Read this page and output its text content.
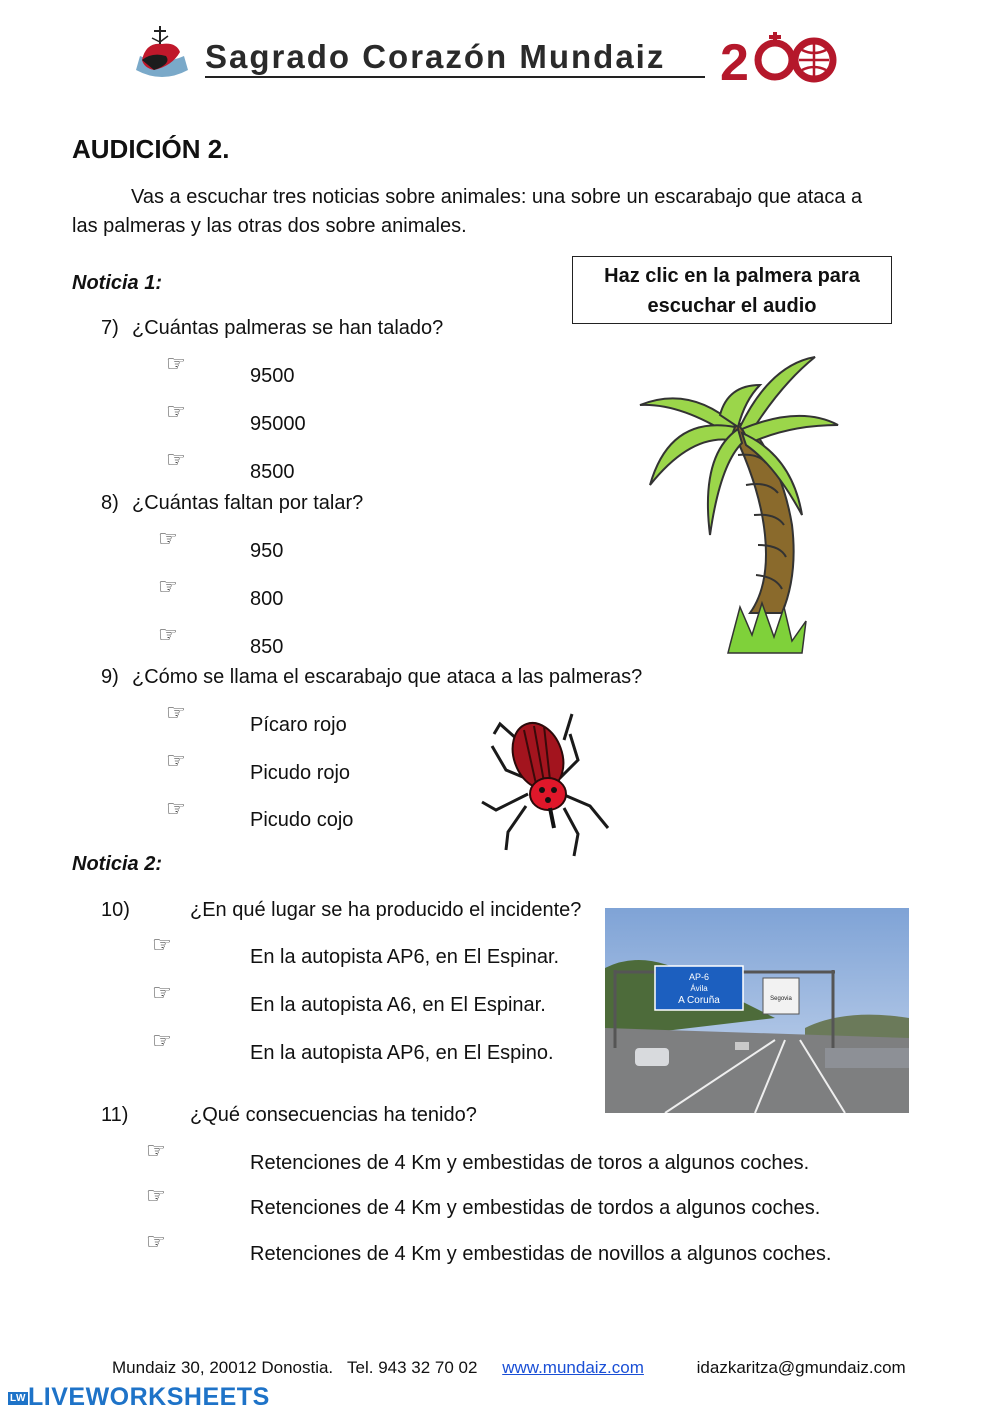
Sagrado Corazón Mundaiz 2
AUDICIÓN 2.
Vas a escuchar tres noticias sobre animales: una sobre un escarabajo que ataca a
las palmeras y las otras dos sobre animales.
Noticia 1:	Haz clic en la palmera para
escuchar el audio
7) ¿Cuántas palmeras se han talado?
☞	9500
☞	95000
☞	8500
8) ¿Cuántas faltan por talar?
☞	950
☞	800
☞	850
9) ¿Cómo se llama el escarabajo que ataca a las palmeras?
☞	Pícaro rojo
☞	Picudo rojo
☞	Picudo cojo
Noticia 2:
10)	¿En qué lugar se ha producido el incidente?
☞	En la autopista AP6, en El Espinar.
☞	En la autopista A6, en El Espinar.
☞	En la autopista AP6, en El Espino.
AP-6
Ávila
A Coruña	Segovia
11)	¿Qué consecuencias ha tenido?
☞	Retenciones de 4 Km y embestidas de toros a algunos coches.
☞	Retenciones de 4 Km y embestidas de tordos a algunos coches.
☞	Retenciones de 4 Km y embestidas de novillos a algunos coches.
Mundaiz 30, 20012 Donostia.   Tel. 943 32 70 02 www.mundaiz.com	idazkaritza@gmundaiz.com
LWLIVEWORKSHEETS
